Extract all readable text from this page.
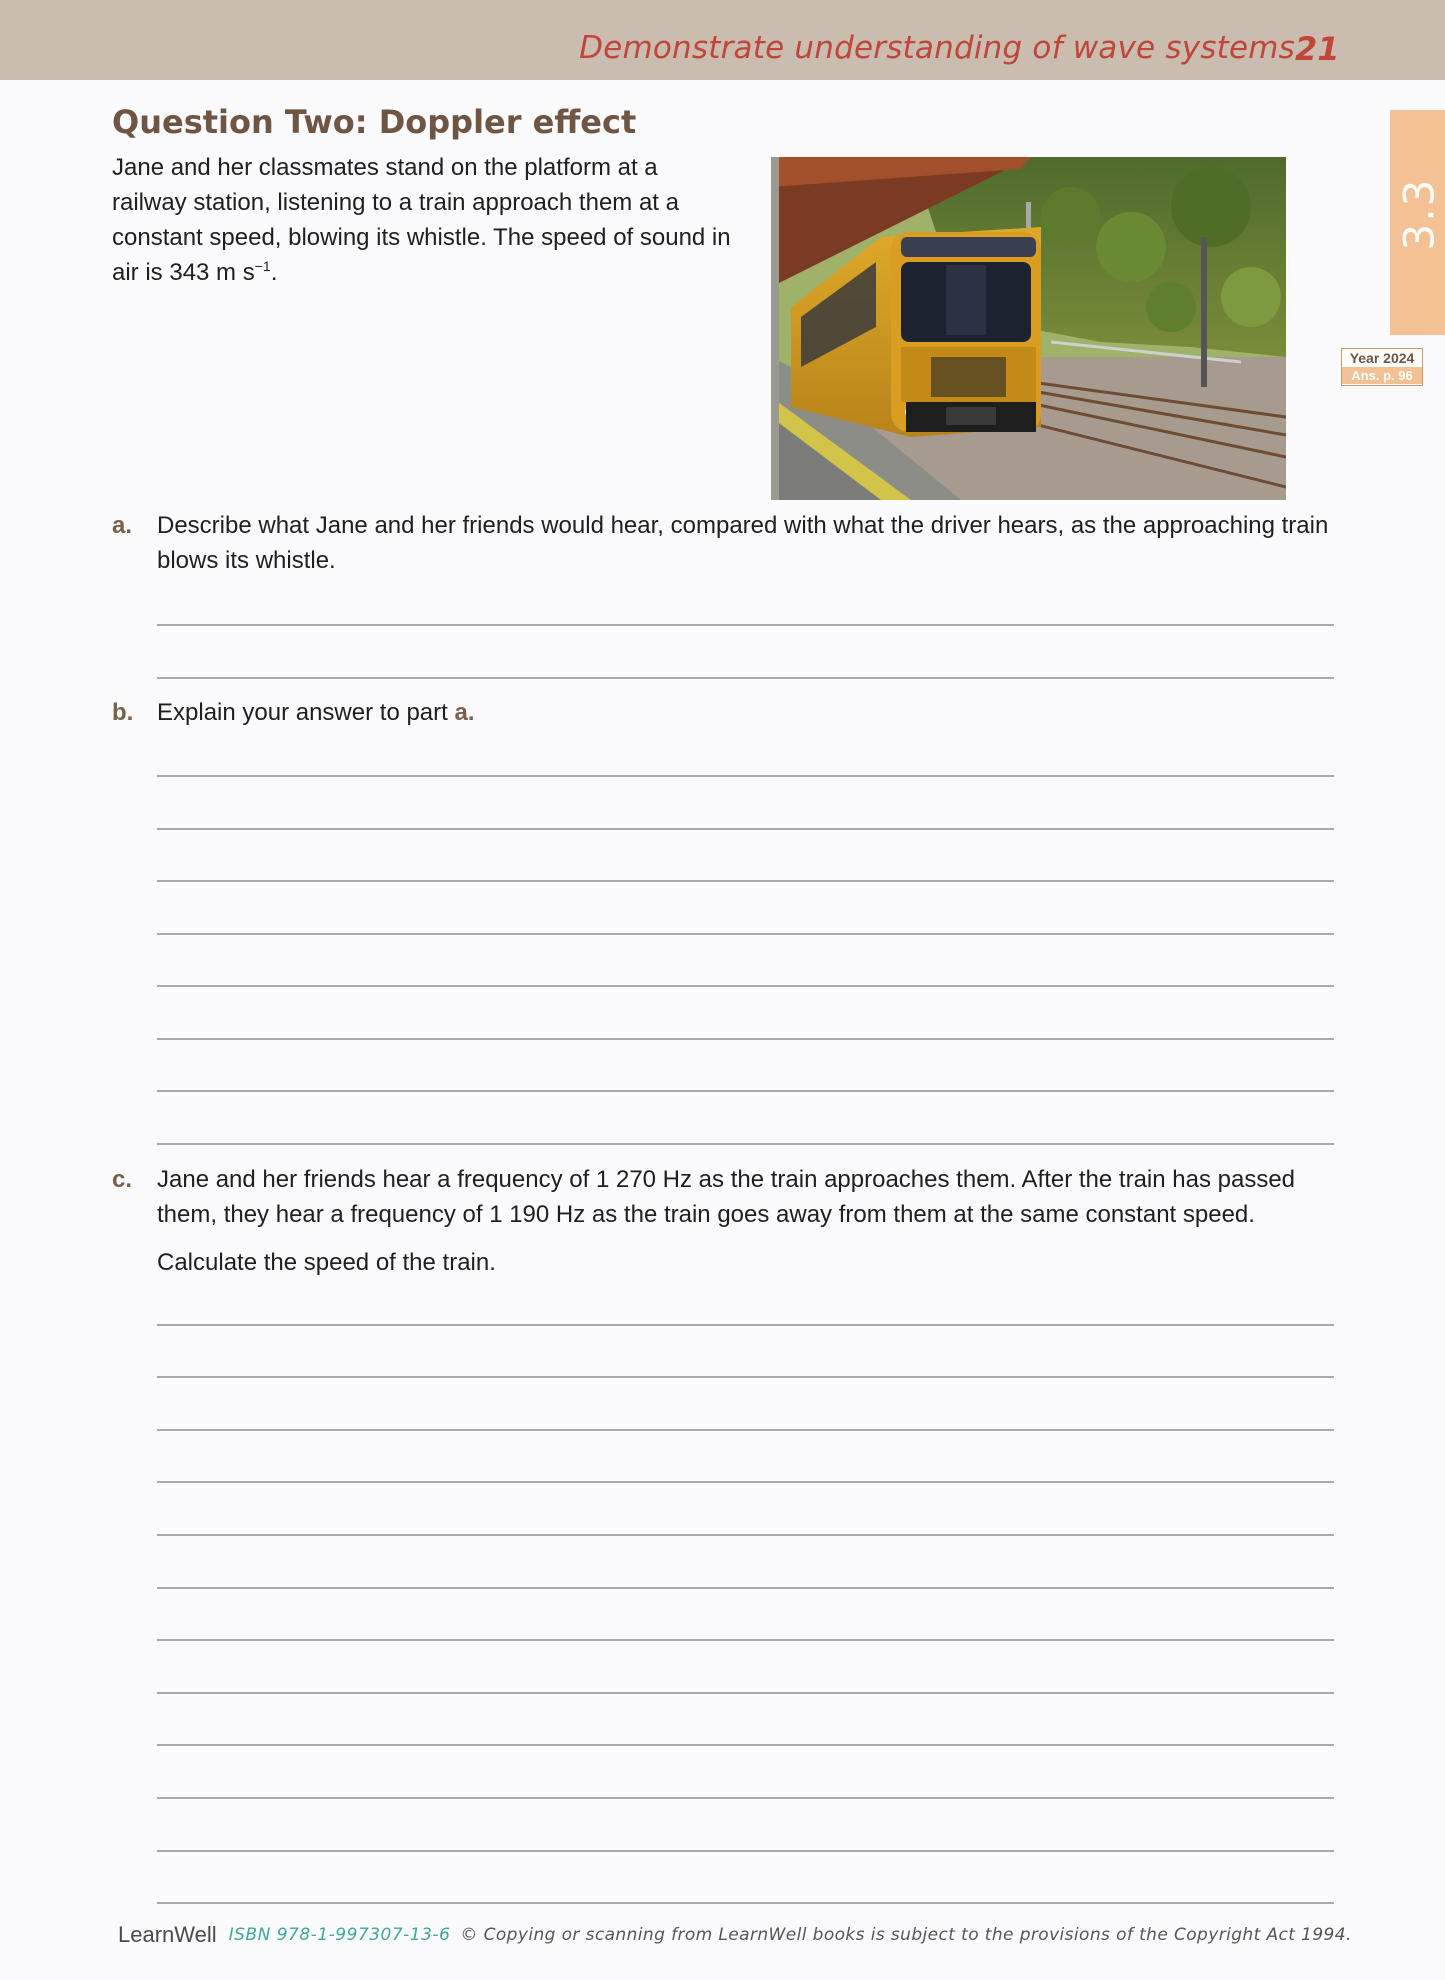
Demonstrate understanding of wave systems 21
3.3
Year 2024
Ans. p. 96
Question Two: Doppler effect
Jane and her classmates stand on the platform at a railway station, listening to a train approach them at a constant speed, blowing its whistle. The speed of sound in air is 343 m $s^{-1}$.
a. Describe what Jane and her friends would hear, compared with what the driver hears, as the approaching train blows its whistle.
b. Explain your answer to part a.
c. Jane and her friends hear a frequency of 1 270 Hz as the train approaches them. After the train has passed them, they hear a frequency of 1 190 Hz as the train goes away from them at the same constant speed.
Calculate the speed of the train.
LearnWell ISBN 978-1-997307-13-6 © Copying or scanning from LearnWell books is subject to the provisions of the Copyright Act 1994.
